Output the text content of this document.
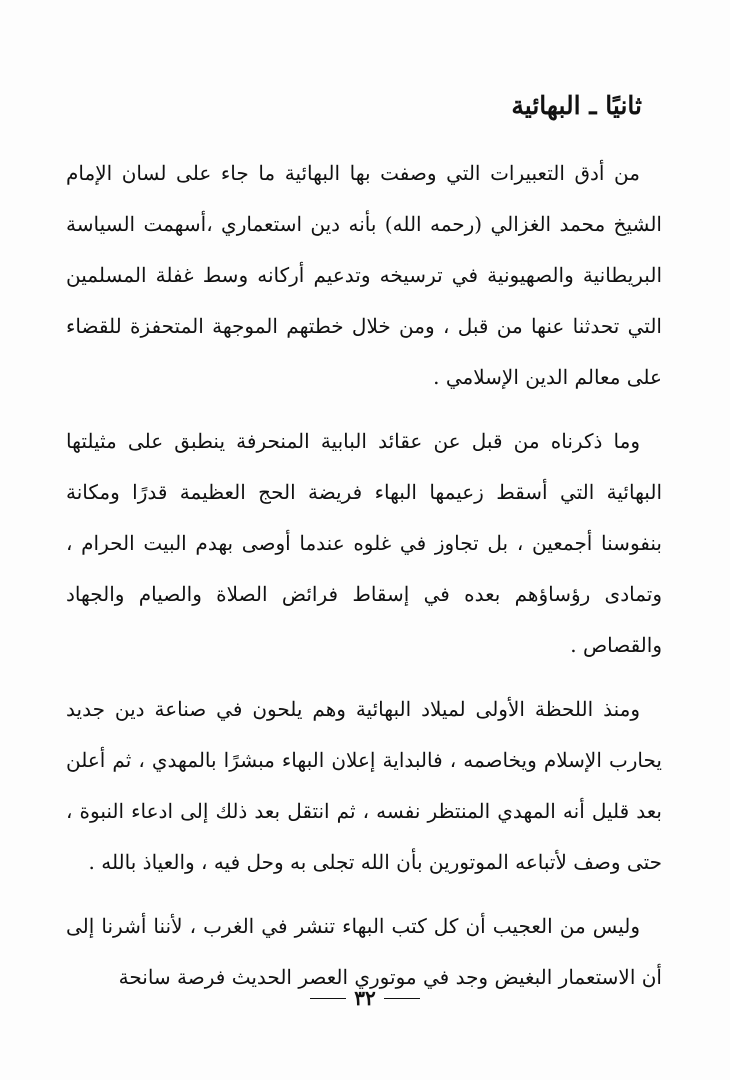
ثانيًا ـ البهائية

من أدق التعبيرات التي وصفت بها البهائية ما جاء على لسان الإمام الشيخ محمد الغزالي (رحمه الله) بأنه دين استعماري ،أسهمت السياسة البريطانية والصهيونية في ترسيخه وتدعيم أركانه وسط غفلة المسلمين التي تحدثنا عنها من قبل ، ومن خلال خطتهم الموجهة المتحفزة للقضاء على معالم الدين الإسلامي .

وما ذكرناه من قبل عن عقائد البابية المنحرفة ينطبق على مثيلتها البهائية التي أسقط زعيمها البهاء فريضة الحج العظيمة قدرًا ومكانة بنفوسنا أجمعين ، بل تجاوز في غلوه عندما أوصى بهدم البيت الحرام ، وتمادى رؤساؤهم بعده في إسقاط فرائض الصلاة والصيام والجهاد والقصاص .

ومنذ اللحظة الأولى لميلاد البهائية وهم يلحون في صناعة دين جديد يحارب الإسلام ويخاصمه ، فالبداية إعلان البهاء مبشرًا بالمهدي ، ثم أعلن بعد قليل أنه المهدي المنتظر نفسه ، ثم انتقل بعد ذلك إلى ادعاء النبوة ، حتى وصف لأتباعه الموتورين بأن الله تجلى به وحل فيه ، والعياذ بالله .

وليس من العجيب أن كل كتب البهاء تنشر في الغرب ، لأننا أشرنا إلى أن الاستعمار البغيض وجد في موتوري العصر الحديث فرصة سانحة

٣٢
